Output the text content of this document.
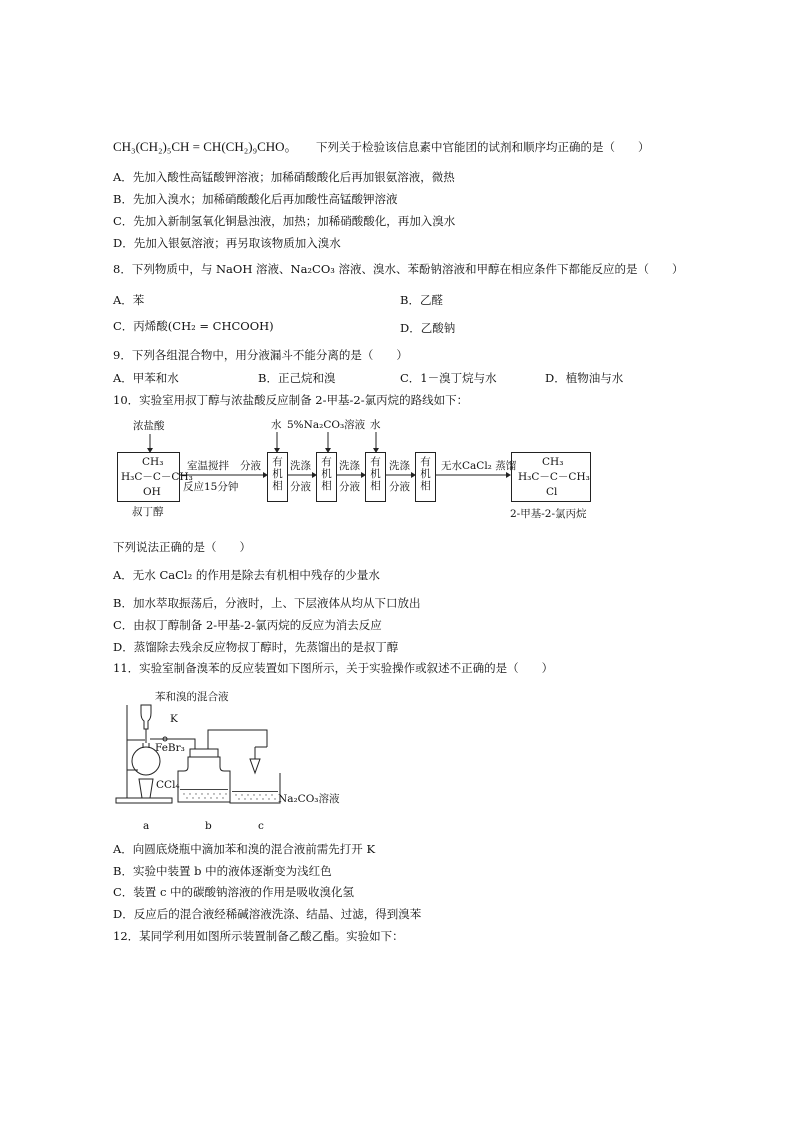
CH₃(CH₂)₅CH = CH(CH₂)₉CHO。 下列关于检验该信息素中官能团的试剂和顺序均正确的是（　　）
A．先加入酸性高锰酸钾溶液；加稀硝酸酸化后再加银氨溶液，微热
B．先加入溴水；加稀硝酸酸化后再加酸性高锰酸钾溶液
C．先加入新制氢氧化铜悬浊液，加热；加稀硝酸酸化，再加入溴水
D．先加入银氨溶液；再另取该物质加入溴水
8．下列物质中，与 NaOH 溶液、Na₂CO₃ 溶液、溴水、苯酚钠溶液和甲醇在相应条件下都能反应的是（　　）
A．苯	B．乙醛
C．丙烯酸(CH₂ = CHCOOH)	D．乙酸钠
9．下列各组混合物中，用分液漏斗不能分离的是（　　）
A．甲苯和水	B．正己烷和溴	C．1－溴丁烷与水	D．植物油与水
10．实验室用叔丁醇与浓盐酸反应制备 2-甲基-2-氯丙烷的路线如下：
浓盐酸
CH₃
H₃C－C－CH₃
OH
叔丁醇
室温搅拌
反应15分钟
分液	有机相
有机相
有机相
有机相
水 5%Na₂CO₃溶液 水
洗涤
分液
洗涤
分液
洗涤
分液
无水CaCl₂ 蒸馏 CH₃
H₃C－C－CH₃
Cl
2-甲基-2-氯丙烷
下列说法正确的是（　　）
A．无水 CaCl₂ 的作用是除去有机相中残存的少量水
B．加水萃取振荡后，分液时，上、下层液体从均从下口放出
C．由叔丁醇制备 2-甲基-2-氯丙烷的反应为消去反应
D．蒸馏除去残余反应物叔丁醇时，先蒸馏出的是叔丁醇
11．实验室制备溴苯的反应装置如下图所示，关于实验操作或叙述不正确的是（　　）
苯和溴的混合液
K
FeBr₃
CCl₄
Na₂CO₃溶液
a	b	c
A．向圆底烧瓶中滴加苯和溴的混合液前需先打开 K
B．实验中装置 b 中的液体逐渐变为浅红色
C．装置 c 中的碳酸钠溶液的作用是吸收溴化氢
D．反应后的混合液经稀碱溶液洗涤、结晶、过滤，得到溴苯
12．某同学利用如图所示装置制备乙酸乙酯。实验如下：
